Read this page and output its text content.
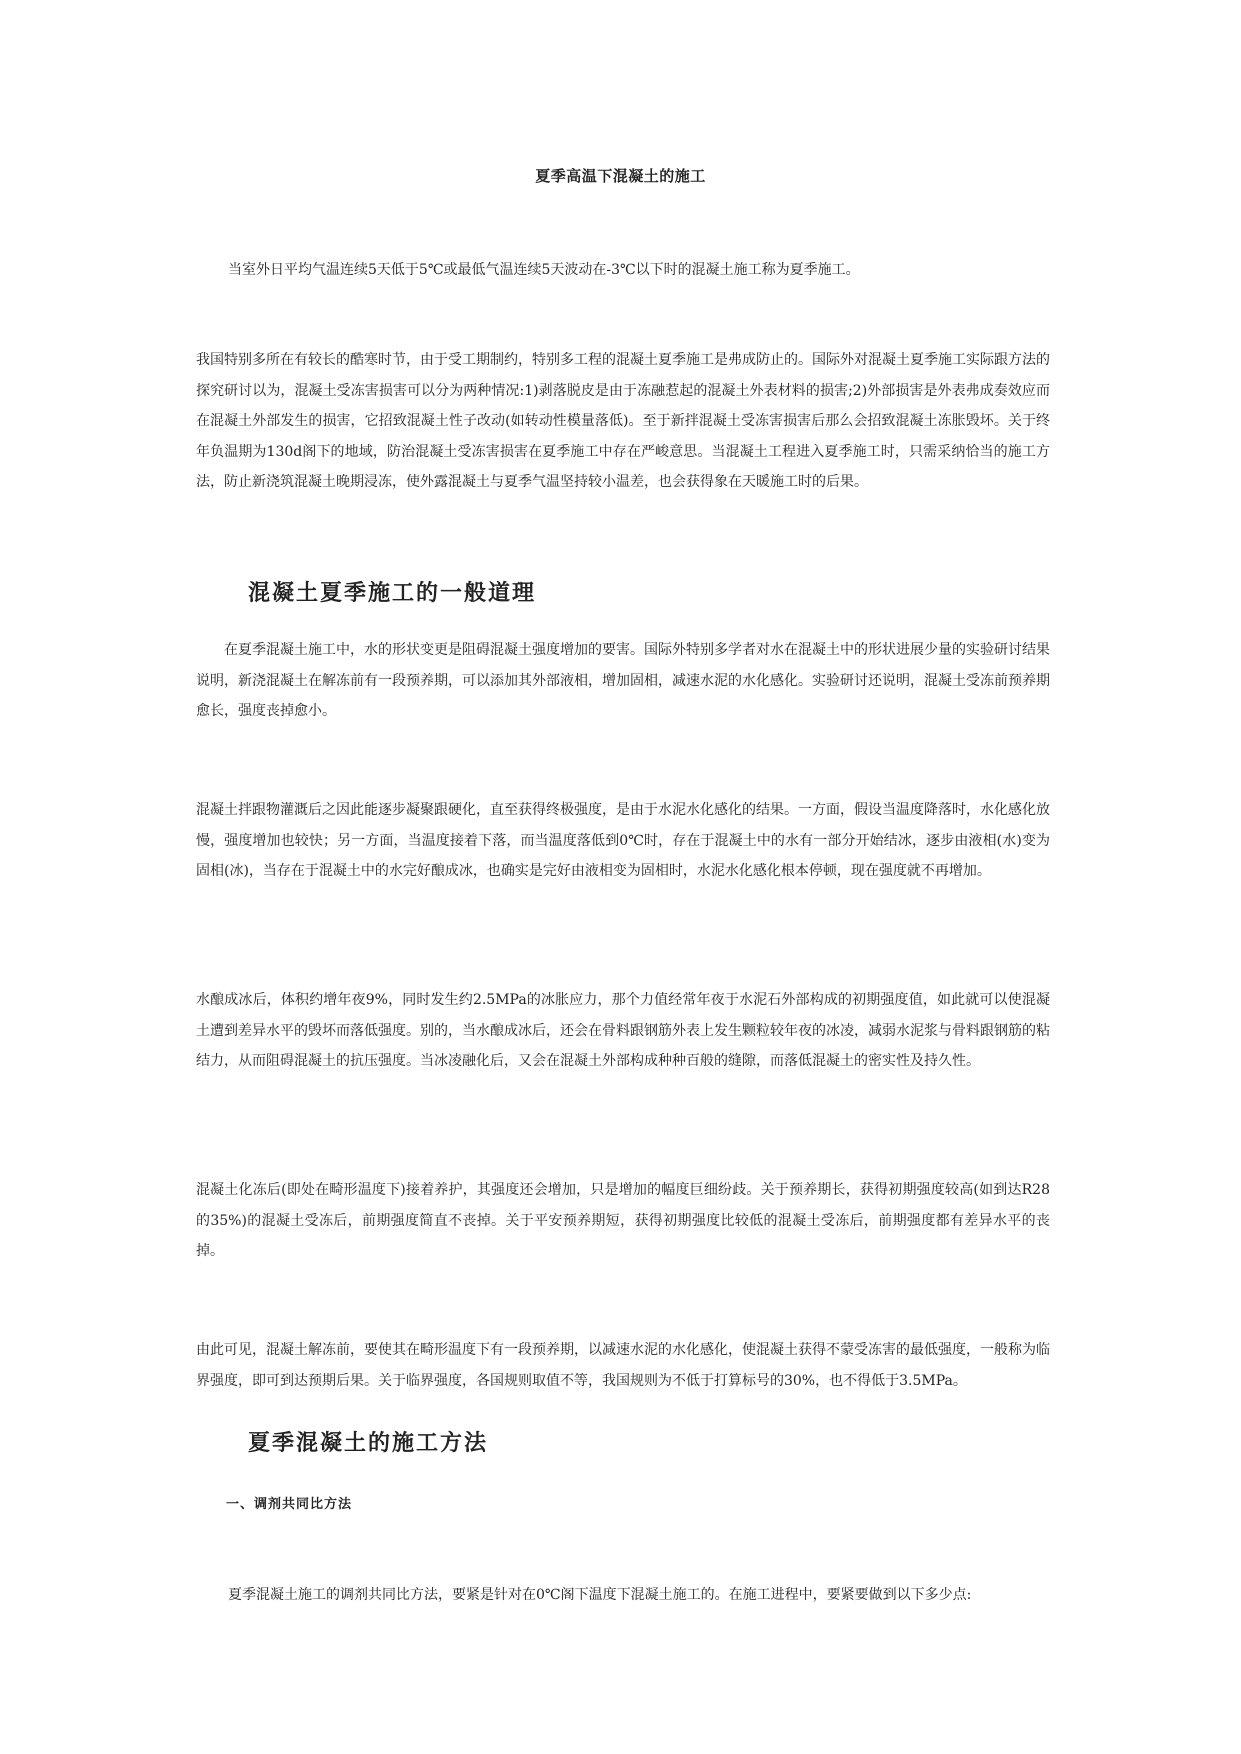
夏季高温下混凝土的施工
当室外日平均气温连续5天低于5℃或最低气温连续5天波动在-3℃以下时的混凝土施工称为夏季施工。

我国特别多所在有较长的酷寒时节，由于受工期制约，特别多工程的混凝土夏季施工是弗成防止的。国际外对混凝土夏季施工实际跟方法的探究研讨以为，混凝土受冻害损害可以分为两种情况:1)剥落脱皮是由于冻融惹起的混凝土外表材料的损害;2)外部损害是外表弗成奏效应而在混凝土外部发生的损害，它招致混凝土性子改动(如转动性模量落低)。至于新拌混凝土受冻害损害后那么会招致混凝土冻胀毁坏。关于终年负温期为130d阁下的地域，防治混凝土受冻害损害在夏季施工中存在严峻意思。当混凝土工程进入夏季施工时，只需采纳恰当的施工方法，防止新浇筑混凝土晚期浸冻，使外露混凝土与夏季气温坚持较小温差，也会获得象在天暖施工时的后果。

混凝土夏季施工的一般道理

在夏季混凝土施工中，水的形状变更是阻碍混凝土强度增加的要害。国际外特别多学者对水在混凝土中的形状进展少量的实验研讨结果说明，新浇混凝土在解冻前有一段预养期，可以添加其外部液相，增加固相，减速水泥的水化感化。实验研讨还说明，混凝土受冻前预养期愈长，强度丧掉愈小。

混凝土拌跟物灌溉后之因此能逐步凝聚跟硬化，直至获得终极强度，是由于水泥水化感化的结果。一方面，假设当温度降落时，水化感化放慢，强度增加也较快；另一方面，当温度接着下落，而当温度落低到0℃时，存在于混凝土中的水有一部分开始结冰，逐步由液相(水)变为固相(冰)，当存在于混凝土中的水完好酿成冰，也确实是完好由液相变为固相时，水泥水化感化根本停顿，现在强度就不再增加。

水酿成冰后，体积约增年夜9%，同时发生约2.5MPa的冰胀应力，那个力值经常年夜于水泥石外部构成的初期强度值，如此就可以使混凝土遭到差异水平的毁坏而落低强度。别的，当水酿成冰后，还会在骨料跟钢筋外表上发生颗粒较年夜的冰凌，减弱水泥浆与骨料跟钢筋的粘结力，从而阻碍混凝土的抗压强度。当冰凌融化后，又会在混凝土外部构成种种百般的缝隙，而落低混凝土的密实性及持久性。

混凝土化冻后(即处在畸形温度下)接着养护，其强度还会增加，只是增加的幅度巨细纷歧。关于预养期长，获得初期强度较高(如到达R28的35%)的混凝土受冻后，前期强度简直不丧掉。关于平安预养期短，获得初期强度比较低的混凝土受冻后，前期强度都有差异水平的丧掉。

由此可见，混凝土解冻前，要使其在畸形温度下有一段预养期，以减速水泥的水化感化，使混凝土获得不蒙受冻害的最低强度，一般称为临界强度，即可到达预期后果。关于临界强度，各国规则取值不等，我国规则为不低于打算标号的30%，也不得低于3.5MPa。

夏季混凝土的施工方法
一、调剂共同比方法
夏季混凝土施工的调剂共同比方法，要紧是针对在0℃阁下温度下混凝土施工的。在施工进程中，要紧要做到以下多少点:
